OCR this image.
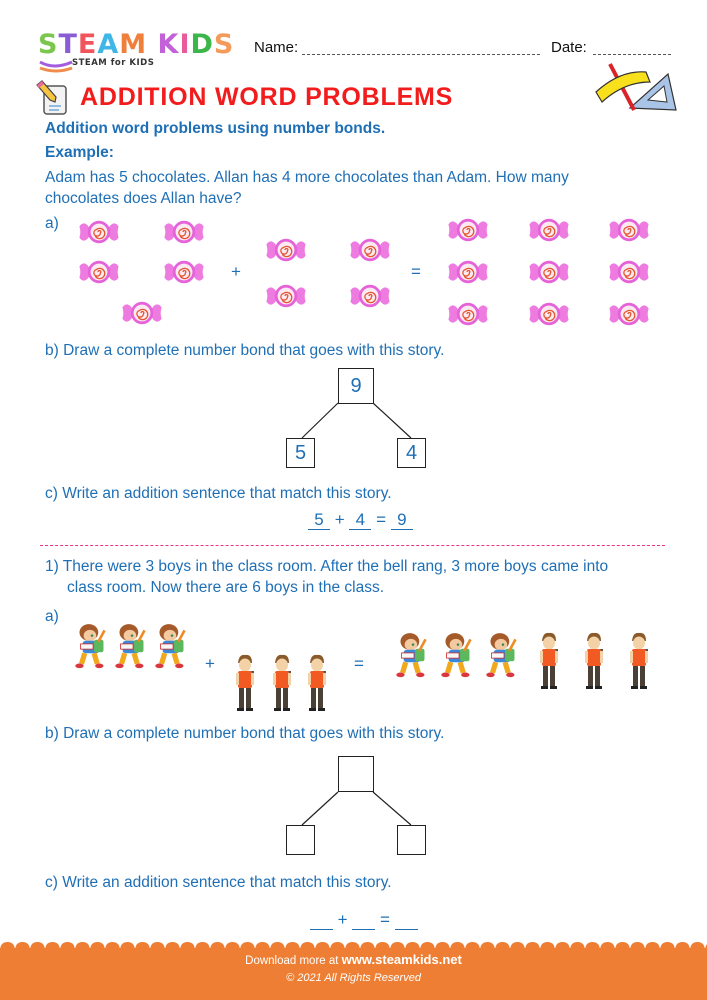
STEAM KIDS
STEAM for KIDS
Name:	Date:
ADDITION WORD PROBLEMS
Addition word problems using number bonds.
Example:
Adam has 5 chocolates. Allan has 4 more chocolates than Adam. How many
chocolates does Allan have?
a)
+	=
b) Draw a complete number bond that goes with this story.
9
5	4
c) Write an addition sentence that match this story.
5 + 4 = 9
1) There were 3 boys in the class room. After the bell rang, 3 more boys came into
class room. Now there are 6 boys in the class.
a)
+	=
b) Draw a complete number bond that goes with this story.
c) Write an addition sentence that match this story.
+ =
Download more at www.steamkids.net
© 2021 All Rights Reserved
